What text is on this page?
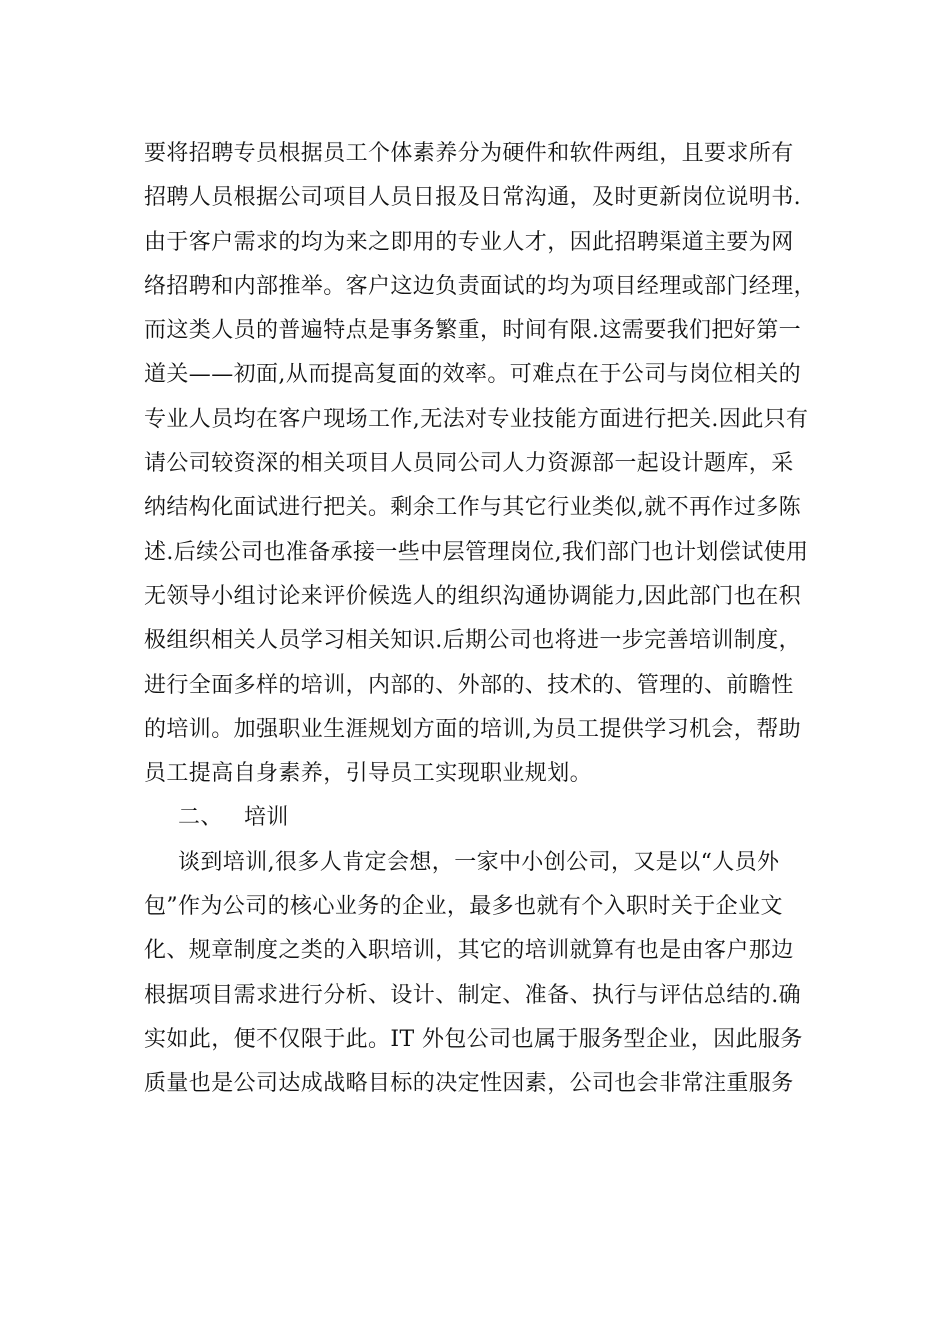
要将招聘专员根据员工个体素养分为硬件和软件两组，且要求所有
招聘人员根据公司项目人员日报及日常沟通，及时更新岗位说明书.
由于客户需求的均为来之即用的专业人才，因此招聘渠道主要为网
络招聘和内部推举。客户这边负责面试的均为项目经理或部门经理，
而这类人员的普遍特点是事务繁重，时间有限.这需要我们把好第一
道关——初面,从而提高复面的效率。可难点在于公司与岗位相关的
专业人员均在客户现场工作,无法对专业技能方面进行把关.因此只有
请公司较资深的相关项目人员同公司人力资源部一起设计题库，采
纳结构化面试进行把关。剩余工作与其它行业类似,就不再作过多陈
述.后续公司也准备承接一些中层管理岗位,我们部门也计划偿试使用
无领导小组讨论来评价候选人的组织沟通协调能力,因此部门也在积
极组织相关人员学习相关知识.后期公司也将进一步完善培训制度，
进行全面多样的培训，内部的、外部的、技术的、管理的、前瞻性
的培训。加强职业生涯规划方面的培训,为员工提供学习机会，帮助
员工提高自身素养，引导员工实现职业规划。
二、 培训
谈到培训,很多人肯定会想，一家中小创公司，又是以“人员外
包”作为公司的核心业务的企业，最多也就有个入职时关于企业文
化、规章制度之类的入职培训，其它的培训就算有也是由客户那边
根据项目需求进行分析、设计、制定、准备、执行与评估总结的.确
实如此，便不仅限于此。IT 外包公司也属于服务型企业，因此服务
质量也是公司达成战略目标的决定性因素，公司也会非常注重服务
